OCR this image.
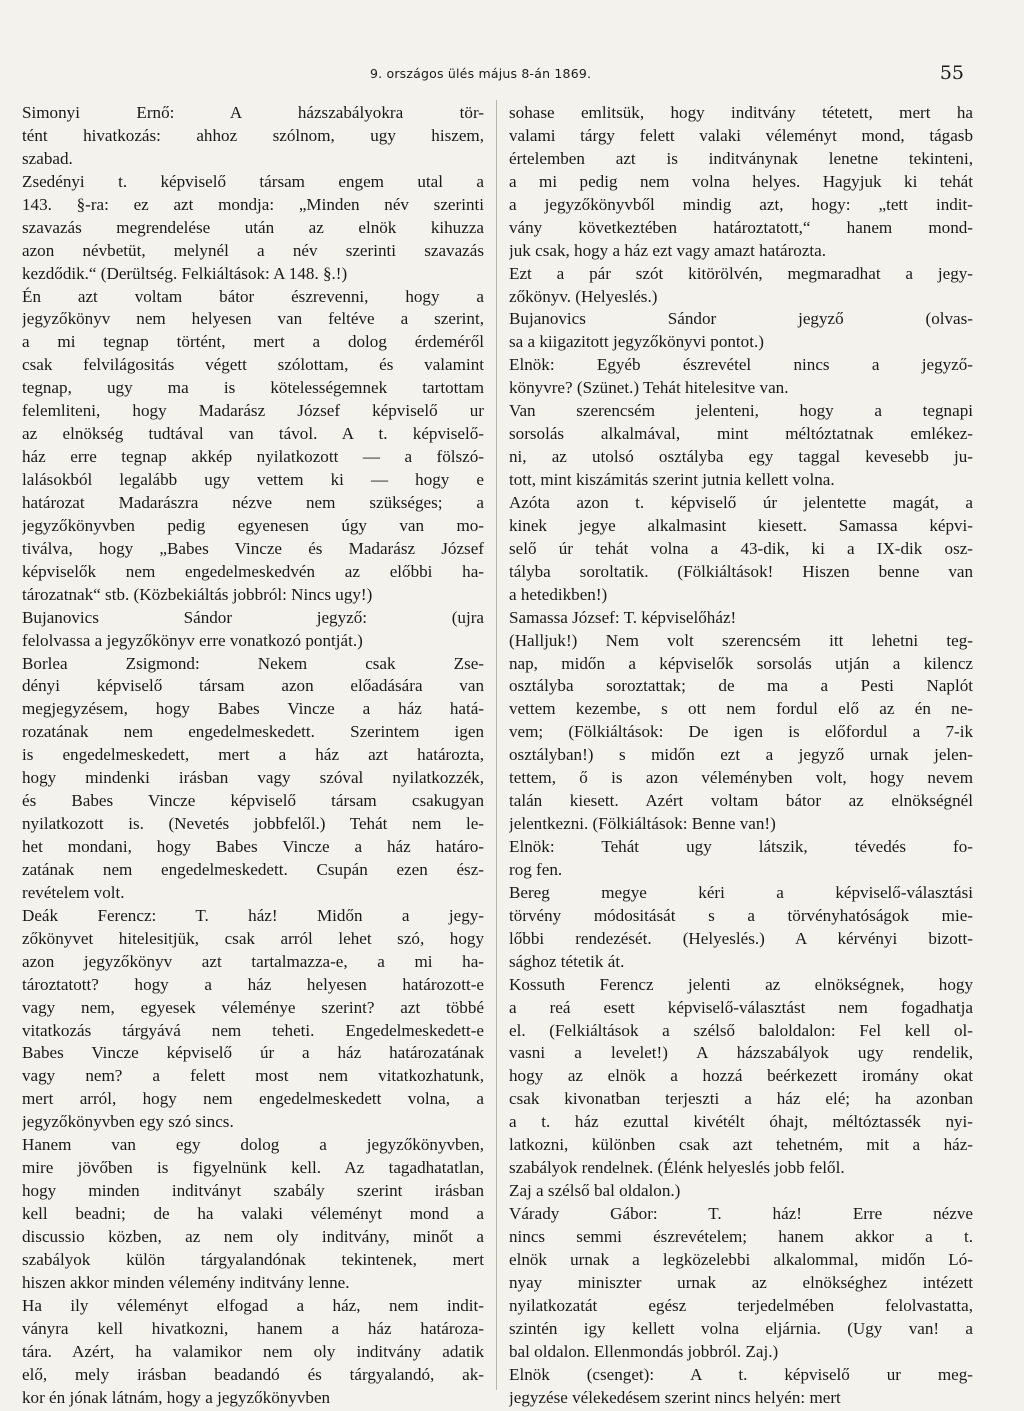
9. országos ülés május 8-án 1869.	55
Simonyi Ernő: A házszabályokra tör-
tént hivatkozás: ahhoz szólnom, ugy hiszem,
szabad.
Zsedényi t. képviselő társam engem utal a
143. §-ra: ez azt mondja: „Minden név szerinti
szavazás megrendelése után az elnök kihuzza
azon névbetüt, melynél a név szerinti szavazás
kezdődik.“ (Derültség. Felkiáltások: A 148. §.!)
Én azt voltam bátor észrevenni, hogy a
jegyzőkönyv nem helyesen van feltéve a szerint,
a mi tegnap történt, mert a dolog érdeméről
csak felvilágositás végett szólottam, és valamint
tegnap, ugy ma is kötelességemnek tartottam
felemliteni, hogy Madarász József képviselő ur
az elnökség tudtával van távol. A t. képviselő-
ház erre tegnap akkép nyilatkozott — a fölszó-
lalásokból legalább ugy vettem ki — hogy e
határozat Madarászra nézve nem szükséges; a
jegyzőkönyvben pedig egyenesen úgy van mo-
tiválva, hogy „Babes Vincze és Madarász József
képviselők nem engedelmeskedvén az előbbi ha-
tározatnak“ stb. (Közbekiáltás jobbról: Nincs ugy!)
Bujanovics Sándor jegyző: (ujra
felolvassa a jegyzőkönyv erre vonatkozó pontját.)
Borlea Zsigmond: Nekem csak Zse-
dényi képviselő társam azon előadására van
megjegyzésem, hogy Babes Vincze a ház hatá-
rozatának nem engedelmeskedett. Szerintem igen
is engedelmeskedett, mert a ház azt határozta,
hogy mindenki irásban vagy szóval nyilatkozzék,
és Babes Vincze képviselő társam csakugyan
nyilatkozott is. (Nevetés jobbfelől.) Tehát nem le-
het mondani, hogy Babes Vincze a ház határo-
zatának nem engedelmeskedett. Csupán ezen ész-
revételem volt.
Deák Ferencz: T. ház! Midőn a jegy-
zőkönyvet hitelesitjük, csak arról lehet szó, hogy
azon jegyzőkönyv azt tartalmazza-e, a mi ha-
tároztatott? hogy a ház helyesen határozott-e
vagy nem, egyesek véleménye szerint? azt többé
vitatkozás tárgyává nem teheti. Engedelmeskedett-e
Babes Vincze képviselő úr a ház határozatának
vagy nem? a felett most nem vitatkozhatunk,
mert arról, hogy nem engedelmeskedett volna, a
jegyzőkönyvben egy szó sincs.
Hanem van egy dolog a jegyzőkönyvben,
mire jövőben is figyelnünk kell. Az tagadhatatlan,
hogy minden inditványt szabály szerint irásban
kell beadni; de ha valaki véleményt mond a
discussio közben, az nem oly inditvány, minőt a
szabályok külön tárgyalandónak tekintenek, mert
hiszen akkor minden vélemény inditvány lenne.
Ha ily véleményt elfogad a ház, nem indit-
ványra kell hivatkozni, hanem a ház határoza-
tára. Azért, ha valamikor nem oly inditvány adatik
elő, mely irásban beadandó és tárgyalandó, ak-
kor én jónak látnám, hogy a jegyzőkönyvben
sohase emlitsük, hogy inditvány tétetett, mert ha
valami tárgy felett valaki véleményt mond, tágasb
értelemben azt is inditványnak lenetne tekinteni,
a mi pedig nem volna helyes. Hagyjuk ki tehát
a jegyzőkönyvből mindig azt, hogy: „tett indit-
vány következtében határoztatott,“ hanem mond-
juk csak, hogy a ház ezt vagy amazt határozta.
Ezt a pár szót kitörölvén, megmaradhat a jegy-
zőkönyv. (Helyeslés.)
Bujanovics Sándor jegyző (olvas-
sa a kiigazitott jegyzőkönyvi pontot.)
Elnök: Egyéb észrevétel nincs a jegyző-
könyvre? (Szünet.) Tehát hitelesitve van.
Van szerencsém jelenteni, hogy a tegnapi
sorsolás alkalmával, mint méltóztatnak emlékez-
ni, az utolsó osztályba egy taggal kevesebb ju-
tott, mint kiszámitás szerint jutnia kellett volna.
Azóta azon t. képviselő úr jelentette magát, a
kinek jegye alkalmasint kiesett. Samassa képvi-
selő úr tehát volna a 43-dik, ki a IX-dik osz-
tályba soroltatik. (Fölkiáltások! Hiszen benne van
a hetedikben!)
Samassa József: T. képviselőház!
(Halljuk!) Nem volt szerencsém itt lehetni teg-
nap, midőn a képviselők sorsolás utján a kilencz
osztályba soroztattak; de ma a Pesti Naplót
vettem kezembe, s ott nem fordul elő az én ne-
vem; (Fölkiáltások: De igen is előfordul a 7-ik
osztályban!) s midőn ezt a jegyző urnak jelen-
tettem, ő is azon véleményben volt, hogy nevem
talán kiesett. Azért voltam bátor az elnökségnél
jelentkezni. (Fölkiáltások: Benne van!)
Elnök: Tehát ugy látszik, tévedés fo-
rog fen.
Bereg megye kéri a képviselő-választási
törvény módositását s a törvényhatóságok mie-
lőbbi rendezését. (Helyeslés.) A kérvényi bizott-
sághoz tétetik át.
Kossuth Ferencz jelenti az elnökségnek, hogy
a reá esett képviselő-választást nem fogadhatja
el. (Felkiáltások a szélső baloldalon: Fel kell ol-
vasni a levelet!) A házszabályok ugy rendelik,
hogy az elnök a hozzá beérkezett iromány okat
csak kivonatban terjeszti a ház elé; ha azonban
a t. ház ezuttal kivétélt óhajt, méltóztassék nyi-
latkozni, különben csak azt tehetném, mit a ház-
szabályok rendelnek. (Élénk helyeslés jobb felől.
Zaj a szélső bal oldalon.)
Várady Gábor: T. ház! Erre nézve
nincs semmi észrevételem; hanem akkor a t.
elnök urnak a legközelebbi alkalommal, midőn Ló-
nyay miniszter urnak az elnökséghez intézett
nyilatkozatát egész terjedelmében felolvastatta,
szintén igy kellett volna eljárnia. (Ugy van! a
bal oldalon. Ellenmondás jobbról. Zaj.)
Elnök (csenget): A t. képviselő ur meg-
jegyzése vélekedésem szerint nincs helyén: mert
